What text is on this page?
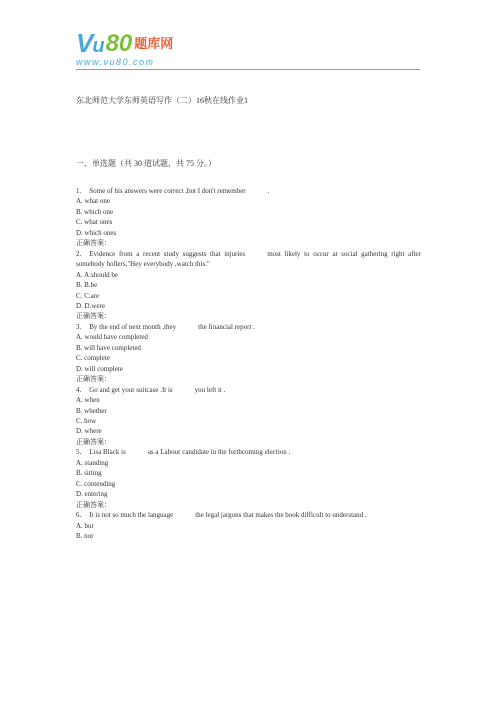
V u 80 题库网
www.vu80.com
东北师范大学东师英语写作（二）16秋在线作业1
一、单选题（共 30 道试题，共 75 分。）
1. Some of his answers were correct ,but I don't remember	.
A. what one
B. which one
C. what ones
D. which ones
正确答案：
2. Evidence from a recent study suggests that injuries	most likely to occur at social gathering right after somebody hollers,"Hey everybody ,watch this."
A. A.should be
B. B.be
C. C.are
D. D.were
正确答案：
3. By the end of next month ,they	the financial report .
A. would have completed
B. will have completed
C. complete
D. will complete
正确答案：
4. Go and get your suitcase .It is	you left it .
A. when
B. whether
C. how
D. where
正确答案：
5. Lisa Black is	as a Labour candidate in the forthcoming election .
A. standing
B. sitting
C. contending
D. entering
正确答案：
6. It is not so much the language	the legal jargons that makes the book difficult to understand .
A. but
B. nor
